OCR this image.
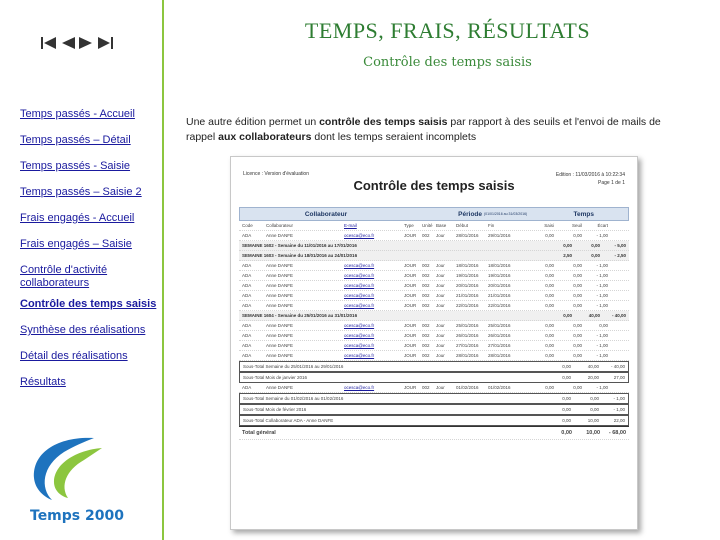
TEMPS, FRAIS, RÉSULTATS
Contrôle des temps saisis
Temps passés - Accueil
Temps passés – Détail
Temps passés - Saisie
Temps passés – Saisie 2
Frais engagés - Accueil
Frais engagés – Saisie
Contrôle d'activité collaborateurs
Contrôle des temps saisis
Synthèse des réalisations
Détail des réalisations
Résultats
Temps 2000
Une autre édition permet un contrôle des temps saisis par rapport à des seuils et l'envoi de mails de rappel aux collaborateurs dont les temps seraient incomplets
Licence : Version d'évaluation	Edition : 11/03/2016 à 10:22:34
Page 1 de 1
Contrôle des temps saisis
Collaborateur	Période (01/01/2016 au 31/03/2016)	Temps
Code	Collaborateur	E-mail	Type	Unité Base	Début	Fin	Saisi	Seuil	Écart
ADA	Anne DANFE	ocesca@eco.fr	JOUR	002	Jour	28/01/2016	29/01/2016	0,00	0,00	- 1,00
SEMAINE 1602 - Semaine du 11/01/2016 au 17/01/2016	0,00	0,00	- 5,00
SEMAINE 1603 - Semaine du 18/01/2016 au 24/01/2016	2,50	0,00	- 2,50
ADA	Anne DANFE	ocesca@eco.fr	JOUR	002	Jour	18/01/2016	18/01/2016	0,00	0,00	- 1,00
ADA	Anne DANFE	ocesca@eco.fr	JOUR	002	Jour	19/01/2016	19/01/2016	0,00	0,00	- 1,00
ADA	Anne DANFE	ocesca@eco.fr	JOUR	002	Jour	20/01/2016	20/01/2016	0,00	0,00	- 1,00
ADA	Anne DANFE	ocesca@eco.fr	JOUR	002	Jour	21/01/2016	21/01/2016	0,00	0,00	- 1,00
ADA	Anne DANFE	ocesca@eco.fr	JOUR	002	Jour	22/01/2016	22/01/2016	0,00	0,00	- 1,00
SEMAINE 1604 - Semaine du 25/01/2016 au 31/01/2016	0,00	40,00	- 40,00
ADA	Anne DANFE	ocesca@eco.fr	JOUR	002	Jour	25/01/2016	25/01/2016	0,00	0,00	0,00
ADA	Anne DANFE	ocesca@eco.fr	JOUR	002	Jour	26/01/2016	26/01/2016	0,00	0,00	- 1,00
ADA	Anne DANFE	ocesca@eco.fr	JOUR	002	Jour	27/01/2016	27/01/2016	0,00	0,00	- 1,00
ADA	Anne DANFE	ocesca@eco.fr	JOUR	002	Jour	28/01/2016	28/01/2016	0,00	0,00	- 1,00
Sous-Total Semaine du 25/01/2016 au 29/01/2016	0,00	40,00	- 40,00
Sous-Total Mois de janvier 2016	0,00	20,00	27,00
ADA	Anne DANFE	ocesca@eco.fr	JOUR	002	Jour	01/02/2016	01/02/2016	0,00	0,00	- 1,00
Sous-Total Semaine du 01/02/2016 au 01/02/2016	0,00	0,00	- 1,00
Sous-Total Mois de février 2016	0,00	0,00	- 1,00
Sous-Total Collaborateur ADA - Anne DANFE	0,00	10,00	22,00
Total général	0,00	10,00	- 68,00
